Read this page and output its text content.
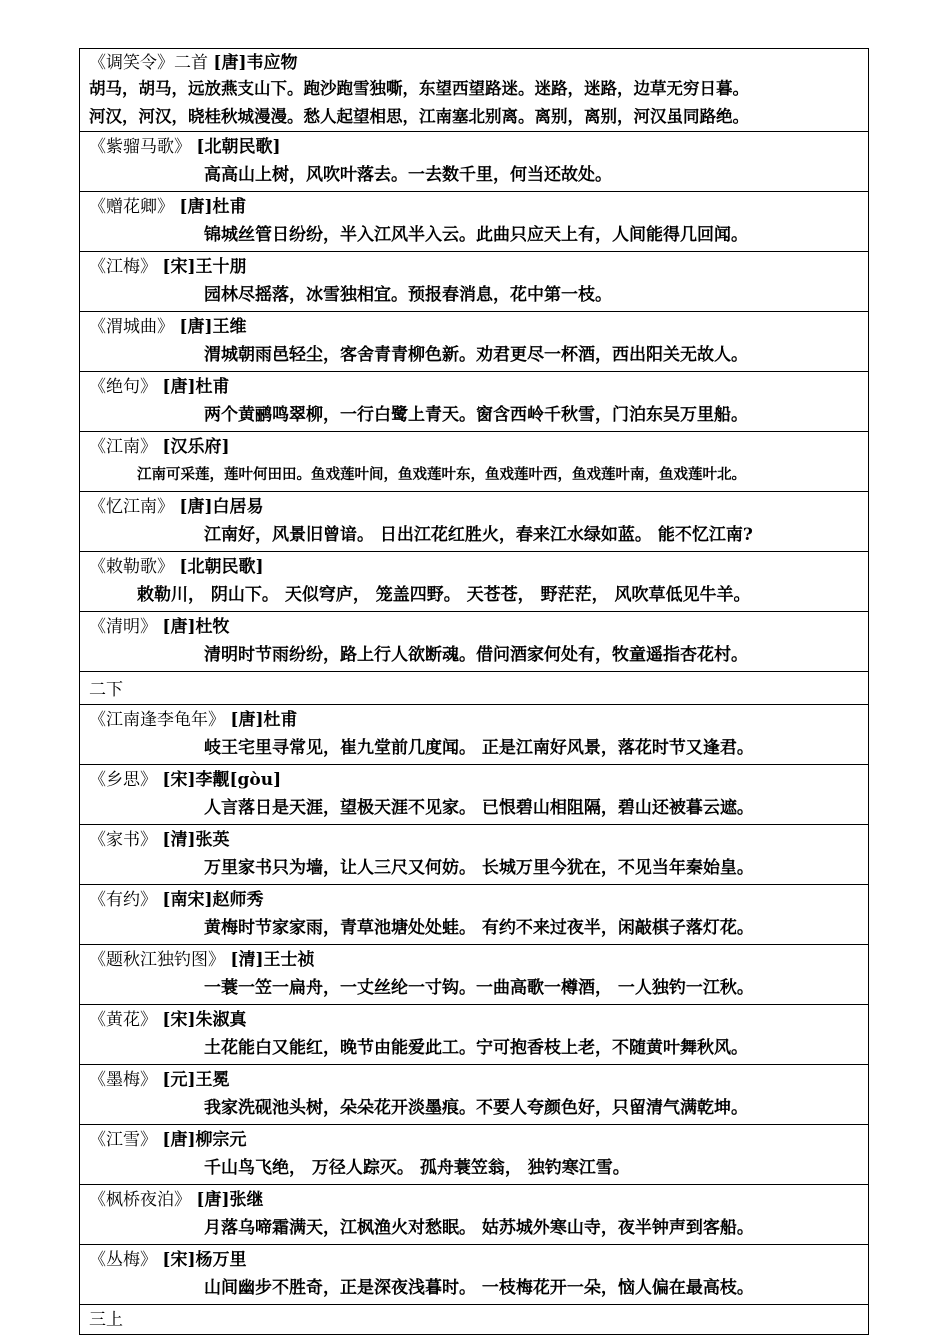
《调笑令》二首 [唐]韦应物
胡马，胡马，远放燕支山下。跑沙跑雪独嘶，东望西望路迷。迷路，迷路，边草无穷日暮。
河汉，河汉，晓桂秋城漫漫。愁人起望相思，江南塞北别离。离别，离别，河汉虽同路绝。
《紫骝马歌》 [北朝民歌]
高高山上树，风吹叶落去。一去数千里，何当还故处。
《赠花卿》 [唐]杜甫
锦城丝管日纷纷，半入江风半入云。此曲只应天上有，人间能得几回闻。
《江梅》 [宋]王十朋
园林尽摇落，冰雪独相宜。预报春消息，花中第一枝。
《渭城曲》 [唐]王维
渭城朝雨邑轻尘，客舍青青柳色新。劝君更尽一杯酒，西出阳关无故人。
《绝句》 [唐]杜甫
两个黄鹂鸣翠柳，一行白鹭上青天。窗含西岭千秋雪，门泊东吴万里船。
《江南》 [汉乐府]
江南可采莲，莲叶何田田。鱼戏莲叶间，鱼戏莲叶东，鱼戏莲叶西，鱼戏莲叶南，鱼戏莲叶北。
《忆江南》 [唐]白居易
江南好，风景旧曾谙。 日出江花红胜火，春来江水绿如蓝。 能不忆江南?
《敕勒歌》 [北朝民歌]
敕勒川， 阴山下。 天似穹庐， 笼盖四野。 天苍苍， 野茫茫， 风吹草低见牛羊。
《清明》 [唐]杜牧
清明时节雨纷纷，路上行人欲断魂。借问酒家何处有，牧童遥指杏花村。
二下
《江南逢李龟年》 [唐]杜甫
岐王宅里寻常见，崔九堂前几度闻。 正是江南好风景，落花时节又逢君。
《乡思》 [宋]李觏[gòu]
人言落日是天涯，望极天涯不见家。 已恨碧山相阻隔，碧山还被暮云遮。
《家书》 [清]张英
万里家书只为墙，让人三尺又何妨。 长城万里今犹在，不见当年秦始皇。
《有约》 [南宋]赵师秀
黄梅时节家家雨，青草池塘处处蛙。 有约不来过夜半，闲敲棋子落灯花。
《题秋江独钓图》 [清]王士祯
一蓑一笠一扁舟，一丈丝纶一寸钩。一曲高歌一樽酒， 一人独钓一江秋。
《黄花》 [宋]朱淑真
土花能白又能红，晚节由能爱此工。宁可抱香枝上老，不随黄叶舞秋风。
《墨梅》 [元]王冕
我家洗砚池头树，朵朵花开淡墨痕。不要人夸颜色好，只留清气满乾坤。
《江雪》 [唐]柳宗元
千山鸟飞绝， 万径人踪灭。 孤舟蓑笠翁， 独钓寒江雪。
《枫桥夜泊》 [唐]张继
月落乌啼霜满天，江枫渔火对愁眠。 姑苏城外寒山寺，夜半钟声到客船。
《丛梅》 [宋]杨万里
山间幽步不胜奇，正是深夜浅暮时。 一枝梅花开一朵，恼人偏在最高枝。
三上
